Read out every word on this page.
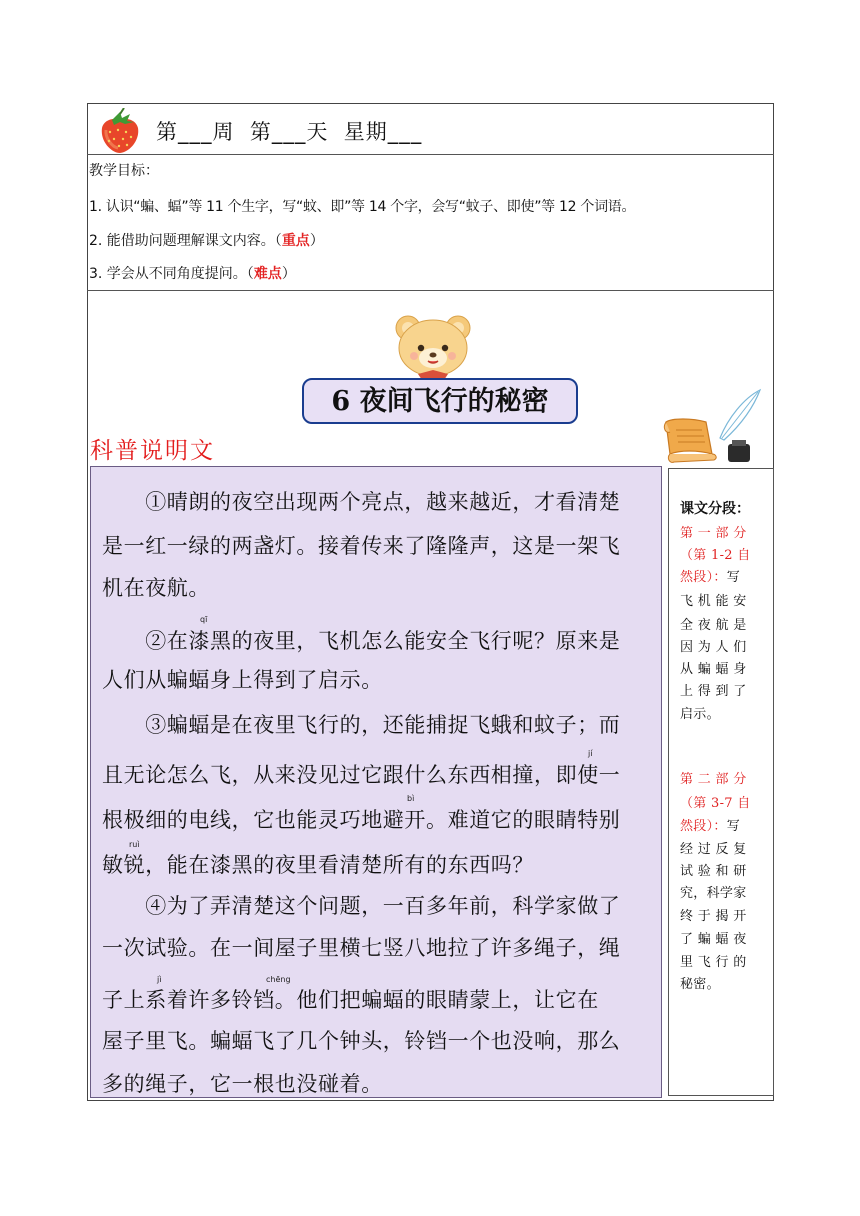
第___周  第___天  星期___
教学目标：
1. 认识“蝙、蝠”等 11 个生字，写“蚊、即”等 14 个字，会写“蚊子、即使”等 12 个词语。
2. 能借助问题理解课文内容。（重点）
3. 学会从不同角度提问。（难点）
6 夜间飞行的秘密
科普说明文
　　①晴朗的夜空出现两个亮点，越来越近，才看清楚
是一红一绿的两盏灯。接着传来了隆隆声，这是一架飞
机在夜航。
　　②在漆黑的夜里，飞机怎么能安全飞行呢？原来是
人们从蝙蝠身上得到了启示。
　　③蝙蝠是在夜里飞行的，还能捕捉飞蛾和蚊子；而
且无论怎么飞，从来没见过它跟什么东西相撞，即使一
根极细的电线，它也能灵巧地避开。难道它的眼睛特别
敏锐，能在漆黑的夜里看清楚所有的东西吗？
　　④为了弄清楚这个问题，一百多年前，科学家做了
一次试验。在一间屋子里横七竖八地拉了许多绳子，绳
子上系着许多铃铛。他们把蝙蝠的眼睛蒙上，让它在
屋子里飞。蝙蝠飞了几个钟头，铃铛一个也没响，那么
多的绳子，它一根也没碰着。
qī
jí
bì
ruì
jì	chēng
课文分段：
第 一 部 分
（第 1-2 自
然段）：写
飞 机 能 安
全 夜 航 是
因 为 人 们
从 蝙 蝠 身
上 得 到 了
启示。
第 二 部 分
（第 3-7 自
然段）：写
经 过 反 复
试 验 和 研
究，科学家
终 于 揭 开
了 蝙 蝠 夜
里 飞 行 的
秘密。
